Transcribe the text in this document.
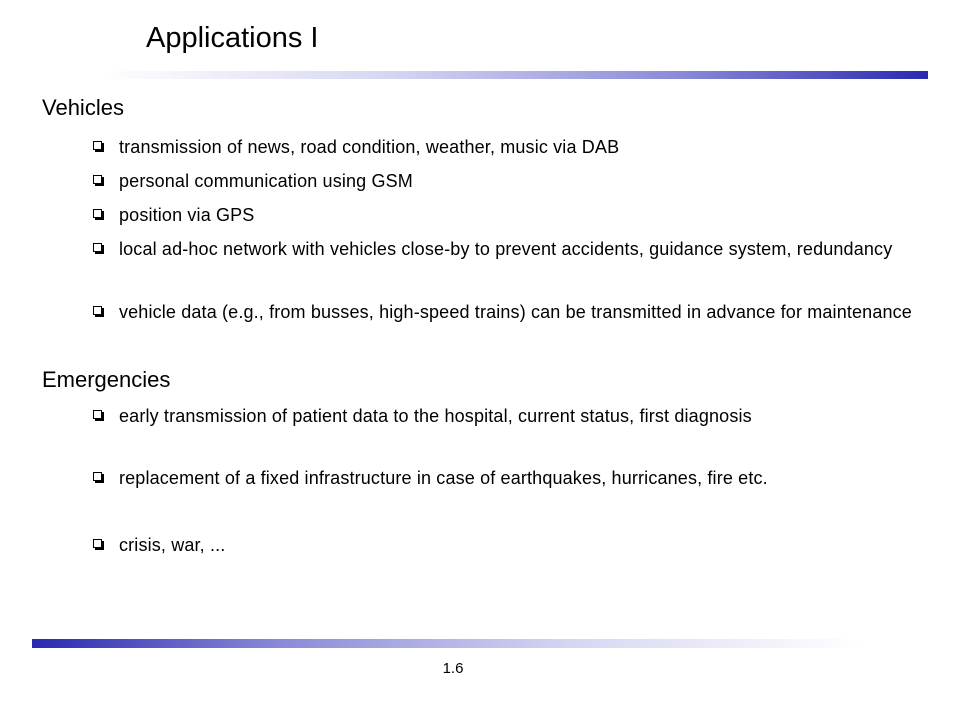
Applications I
Vehicles
transmission of news, road condition, weather, music via DAB
personal communication using GSM
position via GPS
local ad-hoc network with vehicles close-by to prevent accidents, guidance system, redundancy
vehicle data (e.g., from busses, high-speed trains) can be transmitted in advance for maintenance
Emergencies
early transmission of patient data to the hospital, current status, first diagnosis
replacement of a fixed infrastructure in case of earthquakes, hurricanes, fire etc.
crisis, war, ...
1.6
